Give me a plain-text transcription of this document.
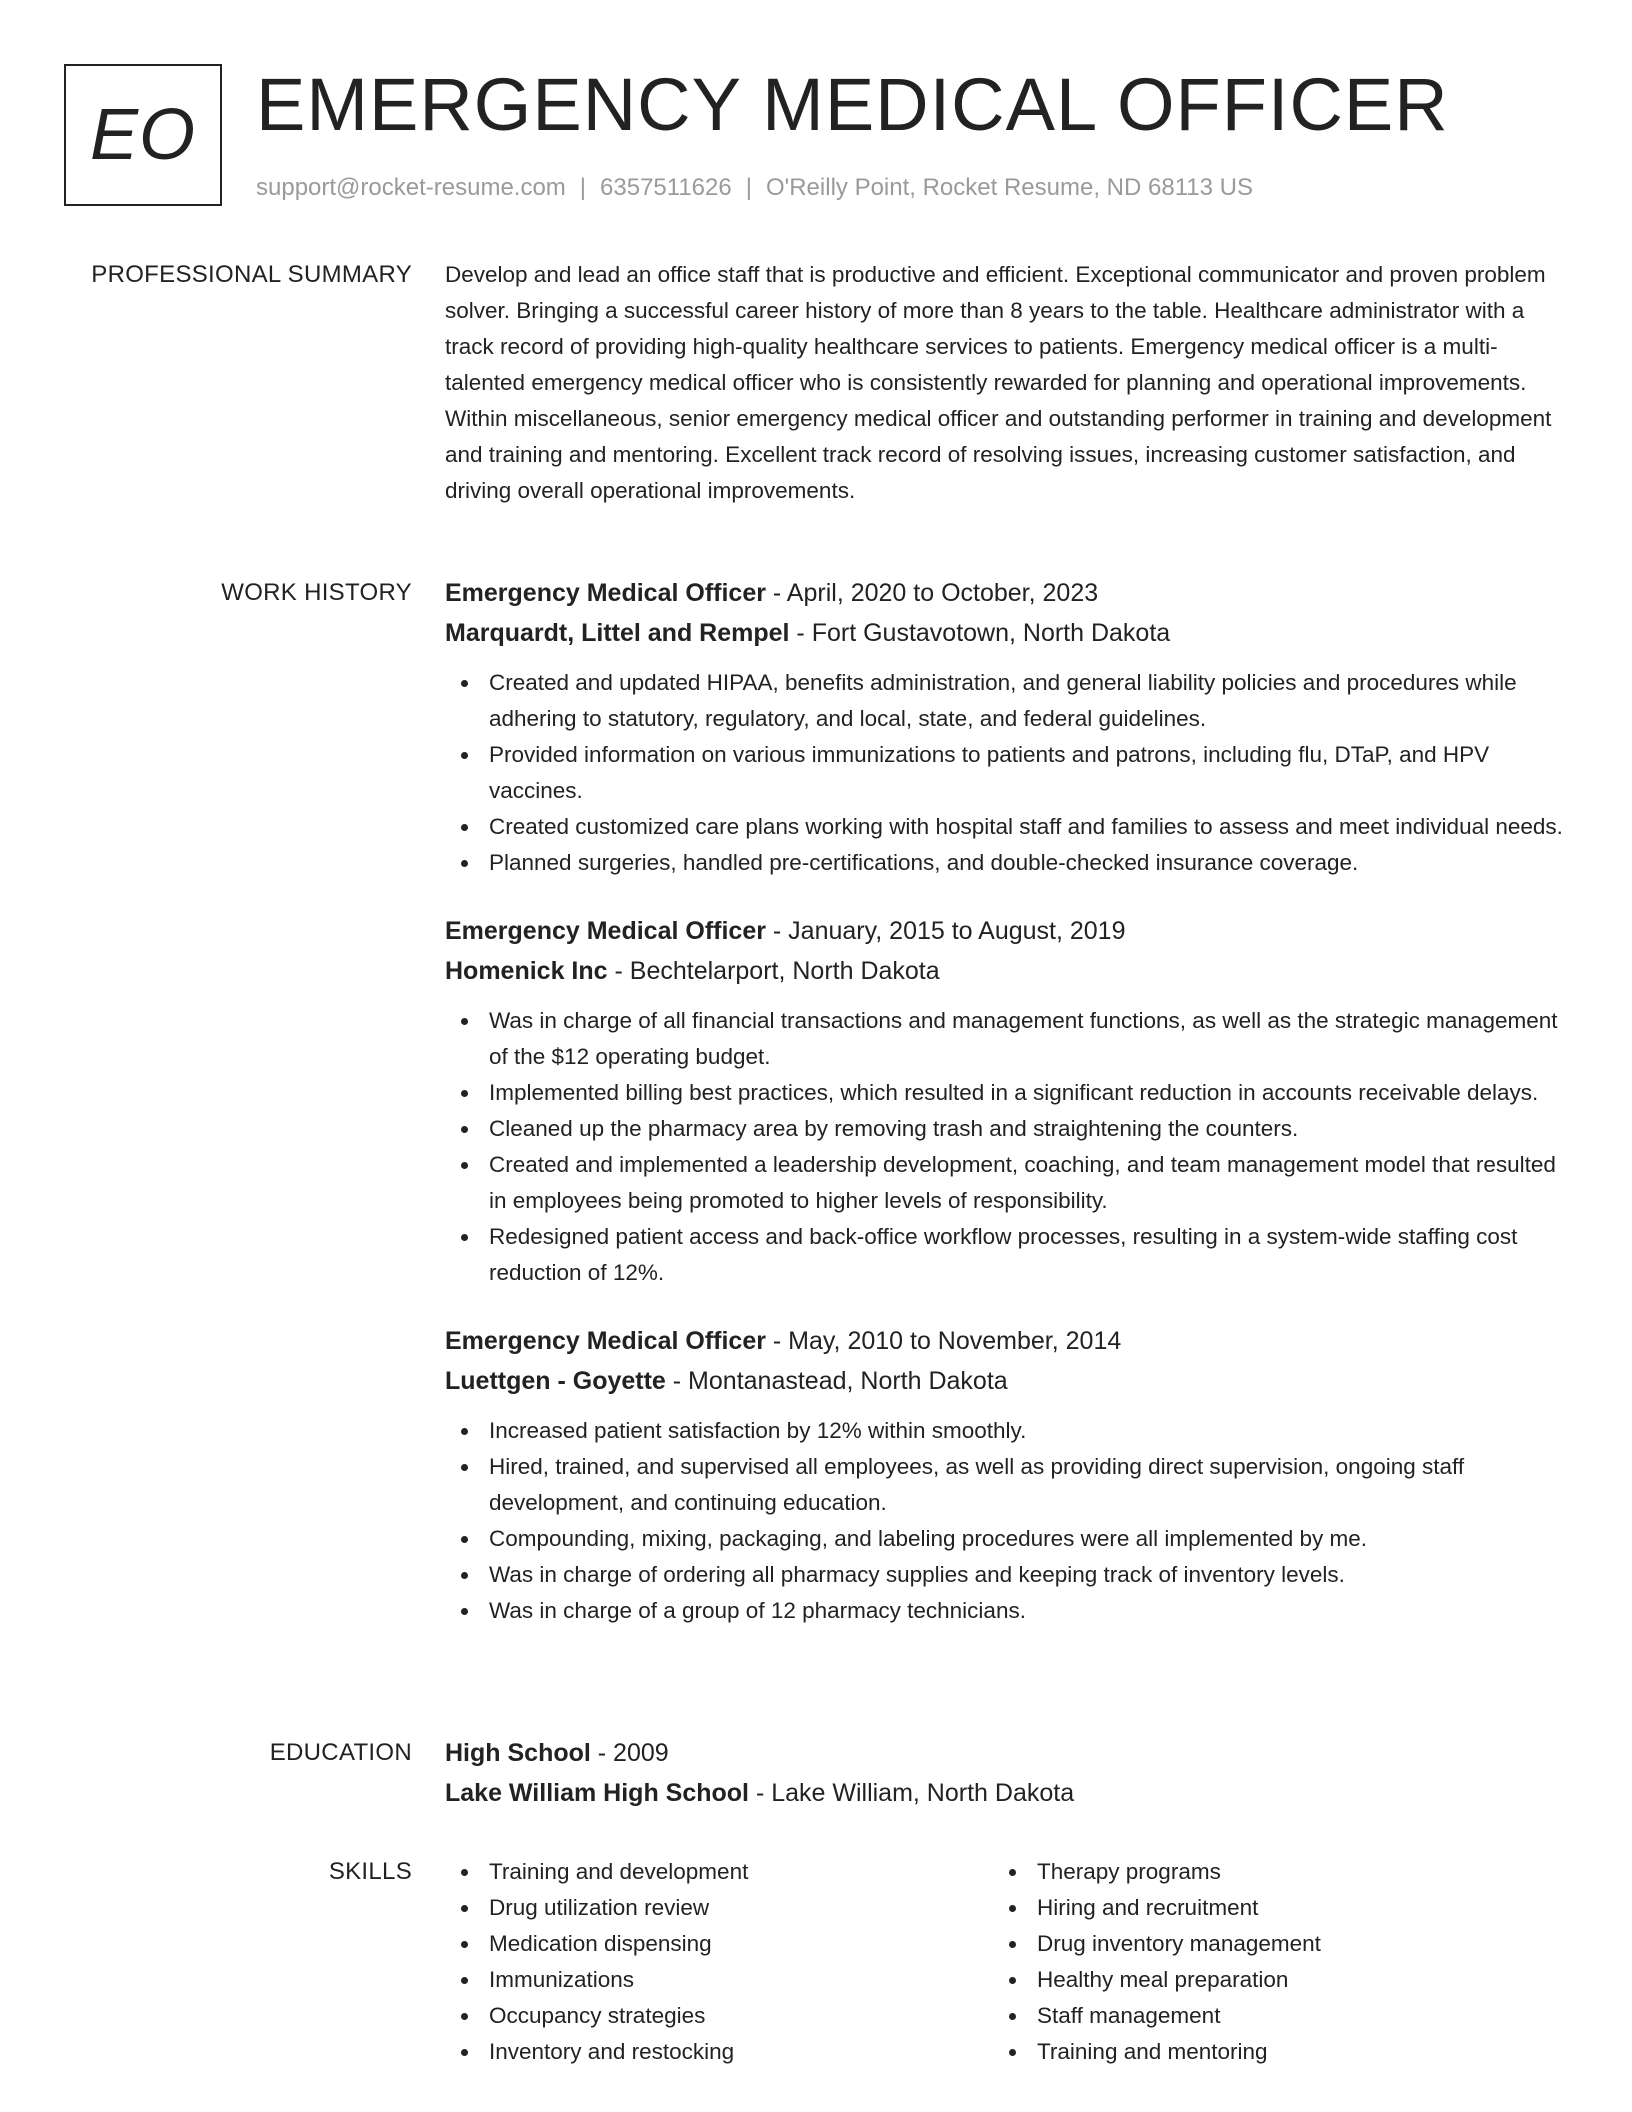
EO EMERGENCY MEDICAL OFFICER
support@rocket-resume.com | 6357511626 | O'Reilly Point, Rocket Resume, ND 68113 US
PROFESSIONAL SUMMARY Develop and lead an office staff that is productive and efficient. Exceptional communicator and proven problem solver. Bringing a successful career history of more than 8 years to the table. Healthcare administrator with a track record of providing high-quality healthcare services to patients. Emergency medical officer is a multi-talented emergency medical officer who is consistently rewarded for planning and operational improvements. Within miscellaneous, senior emergency medical officer and outstanding performer in training and development and training and mentoring. Excellent track record of resolving issues, increasing customer satisfaction, and driving overall operational improvements.
WORK HISTORY Emergency Medical Officer - April, 2020 to October, 2023
Marquardt, Littel and Rempel - Fort Gustavotown, North Dakota
Created and updated HIPAA, benefits administration, and general liability policies and procedures while adhering to statutory, regulatory, and local, state, and federal guidelines.
Provided information on various immunizations to patients and patrons, including flu, DTaP, and HPV vaccines.
Created customized care plans working with hospital staff and families to assess and meet individual needs.
Planned surgeries, handled pre-certifications, and double-checked insurance coverage.
Emergency Medical Officer - January, 2015 to August, 2019
Homenick Inc - Bechtelarport, North Dakota
Was in charge of all financial transactions and management functions, as well as the strategic management of the $12 operating budget.
Implemented billing best practices, which resulted in a significant reduction in accounts receivable delays.
Cleaned up the pharmacy area by removing trash and straightening the counters.
Created and implemented a leadership development, coaching, and team management model that resulted in employees being promoted to higher levels of responsibility.
Redesigned patient access and back-office workflow processes, resulting in a system-wide staffing cost reduction of 12%.
Emergency Medical Officer - May, 2010 to November, 2014
Luettgen - Goyette - Montanastead, North Dakota
Increased patient satisfaction by 12% within smoothly.
Hired, trained, and supervised all employees, as well as providing direct supervision, ongoing staff development, and continuing education.
Compounding, mixing, packaging, and labeling procedures were all implemented by me.
Was in charge of ordering all pharmacy supplies and keeping track of inventory levels.
Was in charge of a group of 12 pharmacy technicians.
EDUCATION High School - 2009
Lake William High School - Lake William, North Dakota
SKILLS	Training and development
Drug utilization review
Medication dispensing
Immunizations
Occupancy strategies
Inventory and restocking
Therapy programs
Hiring and recruitment
Drug inventory management
Healthy meal preparation
Staff management
Training and mentoring
